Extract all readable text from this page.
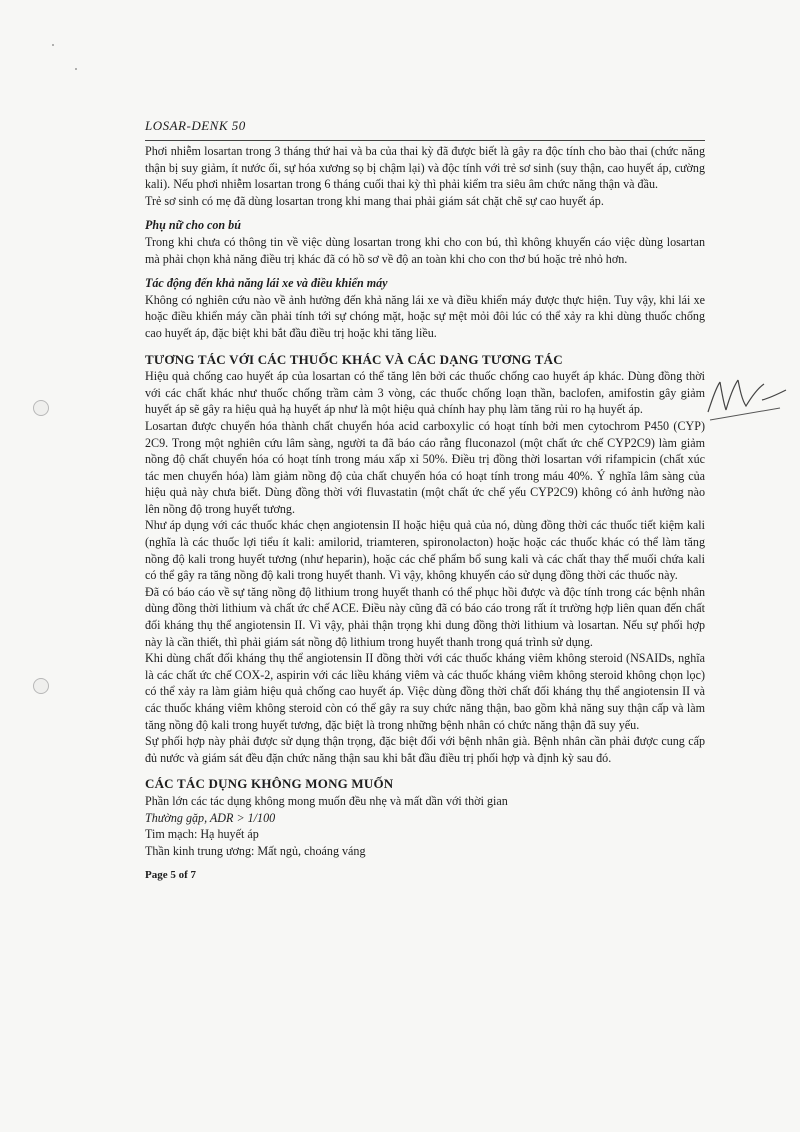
LOSAR-DENK 50

Phơi nhiễm losartan trong 3 tháng thứ hai và ba của thai kỳ đã được biết là gây ra độc tính cho bào thai (chức năng thận bị suy giảm, ít nước ối, sự hóa xương sọ bị chậm lại) và độc tính với trẻ sơ sinh (suy thận, cao huyết áp, cường kali). Nếu phơi nhiễm losartan trong 6 tháng cuối thai kỳ thì phải kiểm tra siêu âm chức năng thận và đầu.

Trẻ sơ sinh có mẹ đã dùng losartan trong khi mang thai phải giám sát chặt chẽ sự cao huyết áp.

Phụ nữ cho con bú

Trong khi chưa có thông tin về việc dùng losartan trong khi cho con bú, thì không khuyến cáo việc dùng losartan mà phải chọn khả năng điều trị khác đã có hồ sơ về độ an toàn khi cho con thơ bú hoặc trẻ nhỏ hơn.

Tác động đến khả năng lái xe và điều khiển máy

Không có nghiên cứu nào về ảnh hưởng đến khả năng lái xe và điều khiển máy được thực hiện. Tuy vậy, khi lái xe hoặc điều khiển máy cần phải tính tới sự chóng mặt, hoặc sự mệt mỏi đôi lúc có thể xảy ra khi dùng thuốc chống cao huyết áp, đặc biệt khi bắt đầu điều trị hoặc khi tăng liều.

TƯƠNG TÁC VỚI CÁC THUỐC KHÁC VÀ CÁC DẠNG TƯƠNG TÁC

Hiệu quả chống cao huyết áp của losartan có thể tăng lên bởi các thuốc chống cao huyết áp khác. Dùng đồng thời với các chất khác như thuốc chống trầm cảm 3 vòng, các thuốc chống loạn thần, baclofen, amifostin gây giảm huyết áp sẽ gây ra hiệu quả hạ huyết áp như là một hiệu quả chính hay phụ làm tăng rủi ro hạ huyết áp.

Losartan được chuyển hóa thành chất chuyển hóa acid carboxylic có hoạt tính bởi men cytochrom P450 (CYP) 2C9. Trong một nghiên cứu lâm sàng, người ta đã báo cáo rằng fluconazol (một chất ức chế CYP2C9) làm giảm nồng độ chất chuyển hóa có hoạt tính trong máu xấp xỉ 50%. Điều trị đồng thời losartan với rifampicin (chất xúc tác men chuyển hóa) làm giảm nồng độ của chất chuyển hóa có hoạt tính trong máu 40%. Ý nghĩa lâm sàng của hiệu quả này chưa biết. Dùng đồng thời với fluvastatin (một chất ức chế yếu CYP2C9) không có ảnh hưởng nào lên nồng độ trong huyết tương.

Như áp dụng với các thuốc khác chẹn angiotensin II hoặc hiệu quả của nó, dùng đồng thời các thuốc tiết kiệm kali (nghĩa là các thuốc lợi tiểu ít kali: amilorid, triamteren, spironolacton) hoặc hoặc các thuốc khác có thể làm tăng nồng độ kali trong huyết tương (như heparin), hoặc các chế phẩm bổ sung kali và các chất thay thế muối chứa kali có thể gây ra tăng nồng độ kali trong huyết thanh. Vì vậy, không khuyến cáo sử dụng đồng thời các thuốc này.

Đã có báo cáo về sự tăng nồng độ lithium trong huyết thanh có thể phục hồi được và độc tính trong các bệnh nhân dùng đồng thời lithium và chất ức chế ACE. Điều này cũng đã có báo cáo trong rất ít trường hợp liên quan đến chất đối kháng thụ thể angiotensin II. Vì vậy, phải thận trọng khi dung đồng thời lithium và losartan. Nếu sự phối hợp này là cần thiết, thì phải giám sát nồng độ lithium trong huyết thanh trong quá trình sử dụng.

Khi dùng chất đối kháng thụ thể angiotensin II đồng thời với các thuốc kháng viêm không steroid (NSAIDs, nghĩa là các chất ức chế COX-2, aspirin với các liều kháng viêm và các thuốc kháng viêm không steroid không chọn lọc) có thể xảy ra làm giảm hiệu quả chống cao huyết áp. Việc dùng đồng thời chất đối kháng thụ thể angiotensin II và các thuốc kháng viêm không steroid còn có thể gây ra suy chức năng thận, bao gồm khả năng suy thận cấp và làm tăng nồng độ kali trong huyết tương, đặc biệt là trong những bệnh nhân có chức năng thận đã suy yếu.

Sự phối hợp này phải được sử dụng thận trọng, đặc biệt đối với bệnh nhân già. Bệnh nhân cần phải được cung cấp đủ nước và giám sát đều đặn chức năng thận sau khi bắt đầu điều trị phối hợp và định kỳ sau đó.

CÁC TÁC DỤNG KHÔNG MONG MUỐN

Phần lớn các tác dụng không mong muốn đều nhẹ và mất dần với thời gian

Thường gặp, ADR > 1/100

Tim mạch: Hạ huyết áp

Thần kinh trung ương: Mất ngủ, choáng váng

Page 5 of 7
